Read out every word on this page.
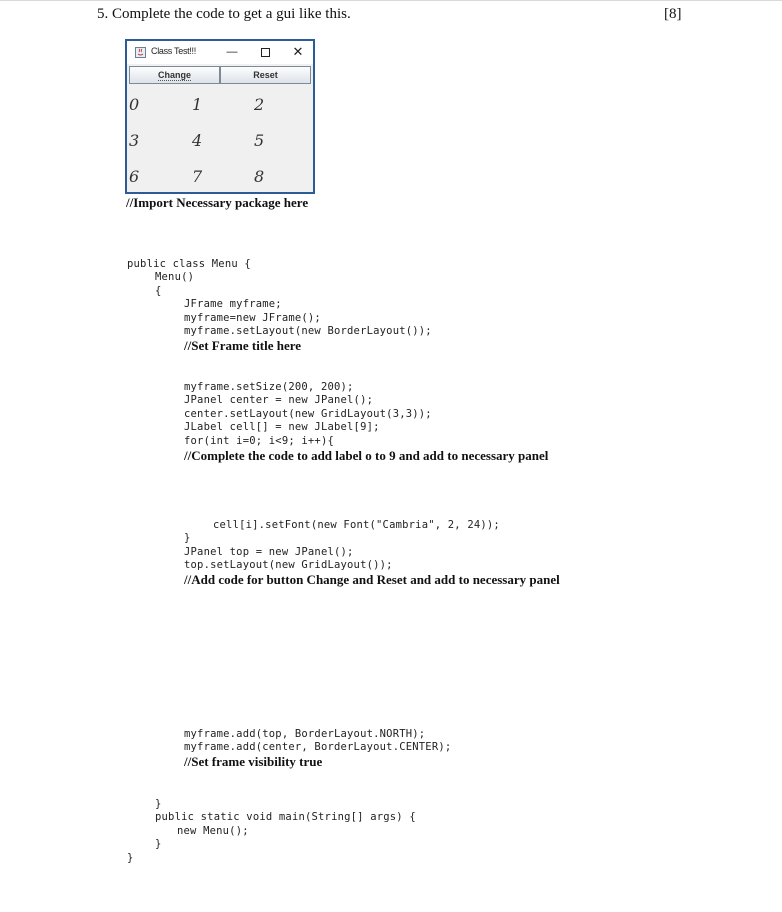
5. Complete the code to get a gui like this.	[8]
Class Test!!!	—	✕
Change	Reset
0	1	2
3	4	5
6	7	8
//Import Necessary package here
public class Menu {
Menu()
{
JFrame myframe;
myframe=new JFrame();
myframe.setLayout(new BorderLayout());
//Set Frame title here
myframe.setSize(200, 200);
JPanel center = new JPanel();
center.setLayout(new GridLayout(3,3));
JLabel cell[] = new JLabel[9];
for(int i=0; i<9; i++){
//Complete the code to add label o to 9 and add to necessary panel
cell[i].setFont(new Font("Cambria", 2, 24));
}
JPanel top = new JPanel();
top.setLayout(new GridLayout());
//Add code for button Change and Reset and add to necessary panel
myframe.add(top, BorderLayout.NORTH);
myframe.add(center, BorderLayout.CENTER);
//Set frame visibility true
}
public static void main(String[] args) {
new Menu();
}
}
